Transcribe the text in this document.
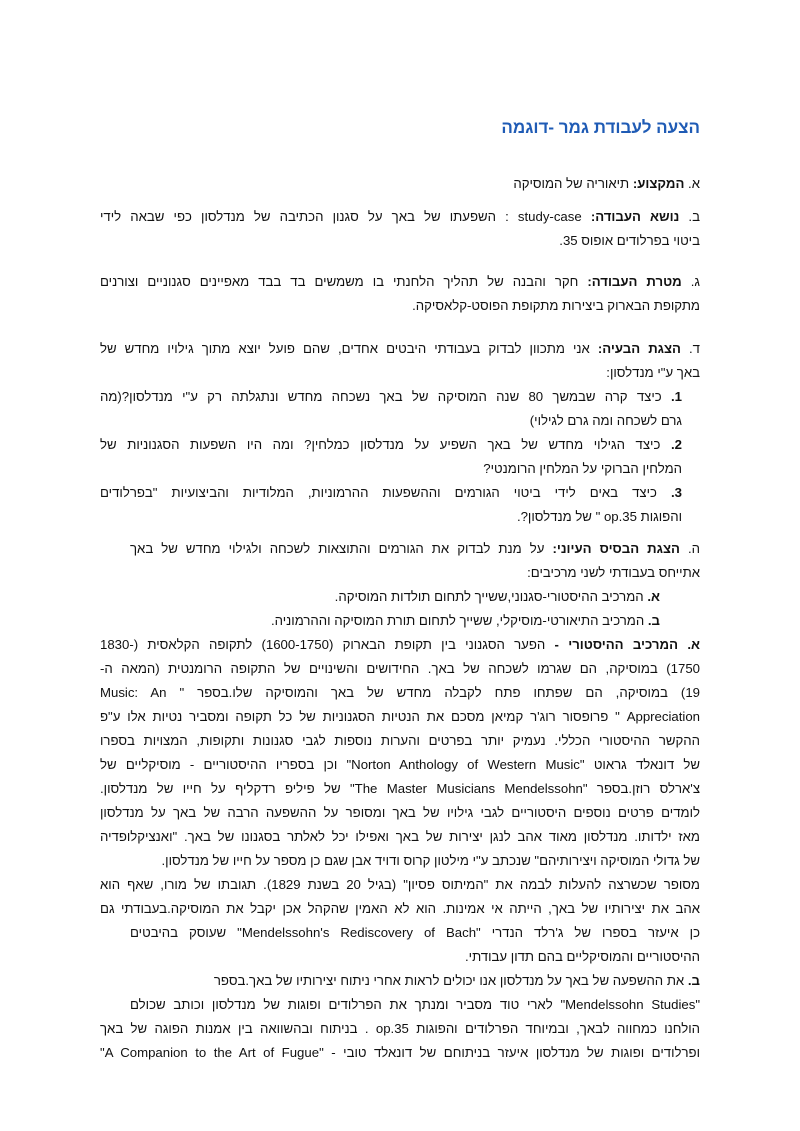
הצעה לעבודת גמר -דוגמה
א. המקצוע: תיאוריה של המוסיקה
ב. נושא העבודה: study-case : השפעתו של באך על סגנון הכתיבה של מנדלסון כפי שבאה לידי
ביטוי בפרלודים אופוס 35.
ג. מטרת העבודה: חקר והבנה של תהליך הלחנתי בו משמשים בד בבד מאפיינים סגנוניים וצורנים
מתקופת הבארוק ביצירות מתקופת הפוסט-קלאסיקה.
ד. הצגת הבעיה: אני מתכוון לבדוק בעבודתי היבטים אחדים, שהם פועל יוצא מתוך גילויו מחדש של
באך ע"י מנדלסון:
1. כיצד קרה שבמשך 80 שנה המוסיקה של באך נשכחה מחדש ונתגלתה רק ע"י מנדלסון?(מה
גרם לשכחה ומה גרם לגילוי)
2. כיצד הגילוי מחדש של באך השפיע על מנדלסון כמלחין? ומה היו השפעות הסגנוניות של
המלחין הברוקי על המלחין הרומנטי?
3. כיצד באים לידי ביטוי הגורמים וההשפעות ההרמוניות, המלודיות והביצועיות "בפרלודים
והפוגות op.35 " של מנדלסון?.
ה. הצגת הבסיס העיוני: על מנת לבדוק את הגורמים והתוצאות לשכחה ולגילוי מחדש של באך
אתייחס בעבודתי לשני מרכיבים:
א. המרכיב ההיסטורי-סגנוני,ששייך לתחום תולדות המוסיקה.
ב. המרכיב התיאורטי-מוסיקלי, ששייך לתחום תורת המוסיקה וההרמוניה.
א. המרכיב ההיסטורי - הפער הסגנוני בין תקופת הבארוק (1600-1750) לתקופה הקלאסית (-1830
1750) במוסיקה, הם שגרמו לשכחה של באך. החידושים והשינויים של התקופה הרומנטית (המאה ה-
19) במוסיקה, הם שפתחו פתח לקבלה מחדש של באך והמוסיקה שלו.בספר " Music: An
Appreciation " פרופסור רוג'ר קמיאן מסכם את הנטיות הסגנוניות של כל תקופה ומסביר נטיות אלו ע"פ
ההקשר ההיסטורי הכללי. נעמיק יותר בפרטים והערות נוספות לגבי סגנונות ותקופות, המצויות בספרו
של דונאלד גראוט "Norton Anthology of Western Music" וכן בספריו ההיסטוריים - מוסיקליים של
צ'ארלס רוזן.בספר "The Master Musicians Mendelssohn" של פיליפ רדקליף על חייו של מנדלסון.
לומדים פרטים נוספים היסטוריים לגבי גילויו של באך ומסופר על ההשפעה הרבה של באך על מנדלסון
מאז ילדותו. מנדלסון מאוד אהב לנגן יצירות של באך ואפילו יכל לאלתר בסגנונו של באך. "ואנציקלופדיה
של גדולי המוסיקה ויצירותיהם" שנכתב ע"י מילטון קרוס ודויד אבן שגם כן מספר על חייו של מנדלסון.
מסופר שכשרצה להעלות לבמה את "המיתוס פסיון" (בגיל 20 בשנת 1829). תגובתו של מורו, שאף הוא
אהב את יצירותיו של באך, הייתה אי אמינות. הוא לא האמין שהקהל אכן יקבל את המוסיקה.בעבודתי גם
כן איעזר בספרו של ג'רלד הנדרי "Mendelssohn's Rediscovery of Bach" שעוסק בהיבטים
ההיסטוריים והמוסיקליים בהם תדון עבודתי.
ב. את ההשפעה של באך על מנדלסון אנו יכולים לראות אחרי ניתוח יצירותיו של באך.בספר
"Mendelssohn Studies" לארי טוד מסביר ומנתך את הפרלודים ופוגות של מנדלסון וכותב שכולם
הולחנו כמחווה לבאך, ובמיוחד הפרלודים והפוגות op.35 . בניתוח ובהשוואה בין אמנות הפוגה של באך
ופרלודים ופוגות של מנדלסון איעזר בניתוחם של דונאלד טובי - "A Companion to the Art of Fugue"
